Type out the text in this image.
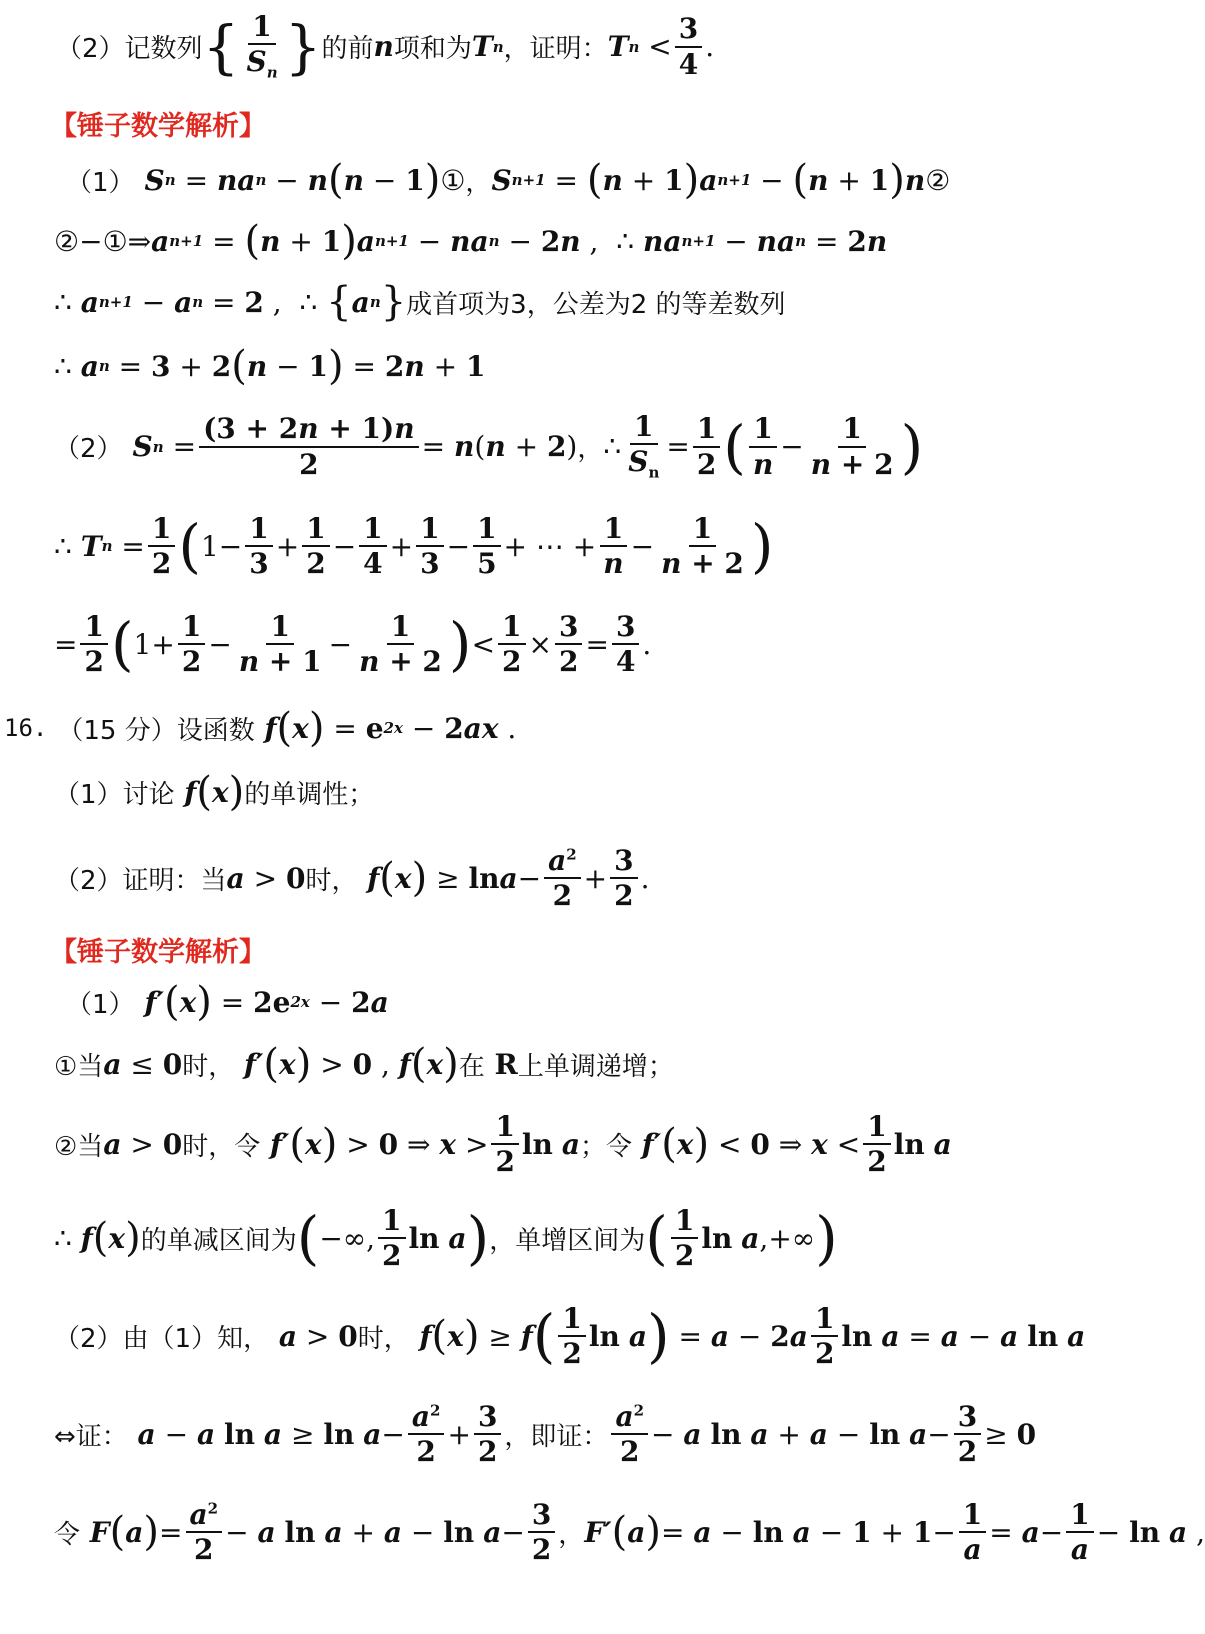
（2）记数列 { $\frac{1}{S_n}$ } 的前 n 项和为 T n ，证明： T $n < \frac{3}{4}$ .
【锤子数学解析】
（1） S n = na n − n ( n − 1 ) ① ， S n+1 = ( n + 1 ) a n+1 − ( n + 1 ) n ②
②−①⇒ a n+1 = ( n + 1 ) a n+1 − na n − 2 n ,  ∴ na n+1 − na n = 2 n
∴ a n+1 − a n = 2 ,  ∴ { a n } 成首项为3，公差为2 的等差数列
∴ a n = 3 + 2 ( n − 1 ) = 2 n + 1
（2） S $n = \frac{(3 + 2n + 1)n}{2} = n$ ( n + 2 ) ， ∴ $\frac{1}{S_n} = \frac{1}{2}$ ( $\frac{1}{n} - \frac{1}{n + 2}$ )
∴ T $n = \frac{1}{2}$ ( $1- \frac{1}{3} + \frac{1}{2} - \frac{1}{4} + \frac{1}{3} - \frac{1}{5}$ + ⋯ + $\frac{1}{n} - \frac{1}{n + 2}$ )
= $\frac{1}{2}$ ( $1+ \frac{1}{2} - \frac{1}{n + 1} - \frac{1}{n + 2}$ ) < $\frac{1}{2} \times \frac{3}{2} = \frac{3}{4}$ .
16. （15 分）设函数 f ( x ) = e 2x − 2 ax .
（1）讨论 f ( x ) 的单调性；
（2）证明：当 a > 0 时， f ( x ) ≥ $\ln a - \frac{a^2}{2} + \frac{3}{2}$ .
【锤子数学解析】
（1） f′ ( x ) = 2e 2x − 2 a
①当 a ≤ 0 时， f′ ( x ) > 0 , f ( x ) 在
R 上单调递增；
②当 a > 0 时，令 f′ ( x ) > 0 ⇒ $x > \frac{1}{2}$ ln
a ；令 f′ ( x ) < 0 ⇒ $x < \frac{1}{2}$ ln
a
∴ f ( x ) 的单减区间为 ( −∞, $\frac{1}{2}$ ln
a ) ，单增区间为 ( $\frac{1}{2}$ ln
a ,+∞ )
（2）由（1）知， a > 0 时， f ( x ) ≥ f ( $\frac{1}{2}$ ln
a ) = a − 2 a $\frac{1}{2}$ ln
a = a − a
ln
a
⇔证： a − a
ln
a ≥ ln
$a - \frac{a^2}{2} + \frac{3}{2}$ ，即证： $\frac{a^2}{2} - a$
ln
a + a − ln
$a - \frac{3}{2} \ge 0$
令 F ( a ) = $\frac{a^2}{2} - a$
ln
a + a − ln
$a - \frac{3}{2}$ ， F′ ( a ) = a − ln
$a - 1 + 1 - \frac{1}{a} = a - \frac{1}{a} - \ln$
a ,
